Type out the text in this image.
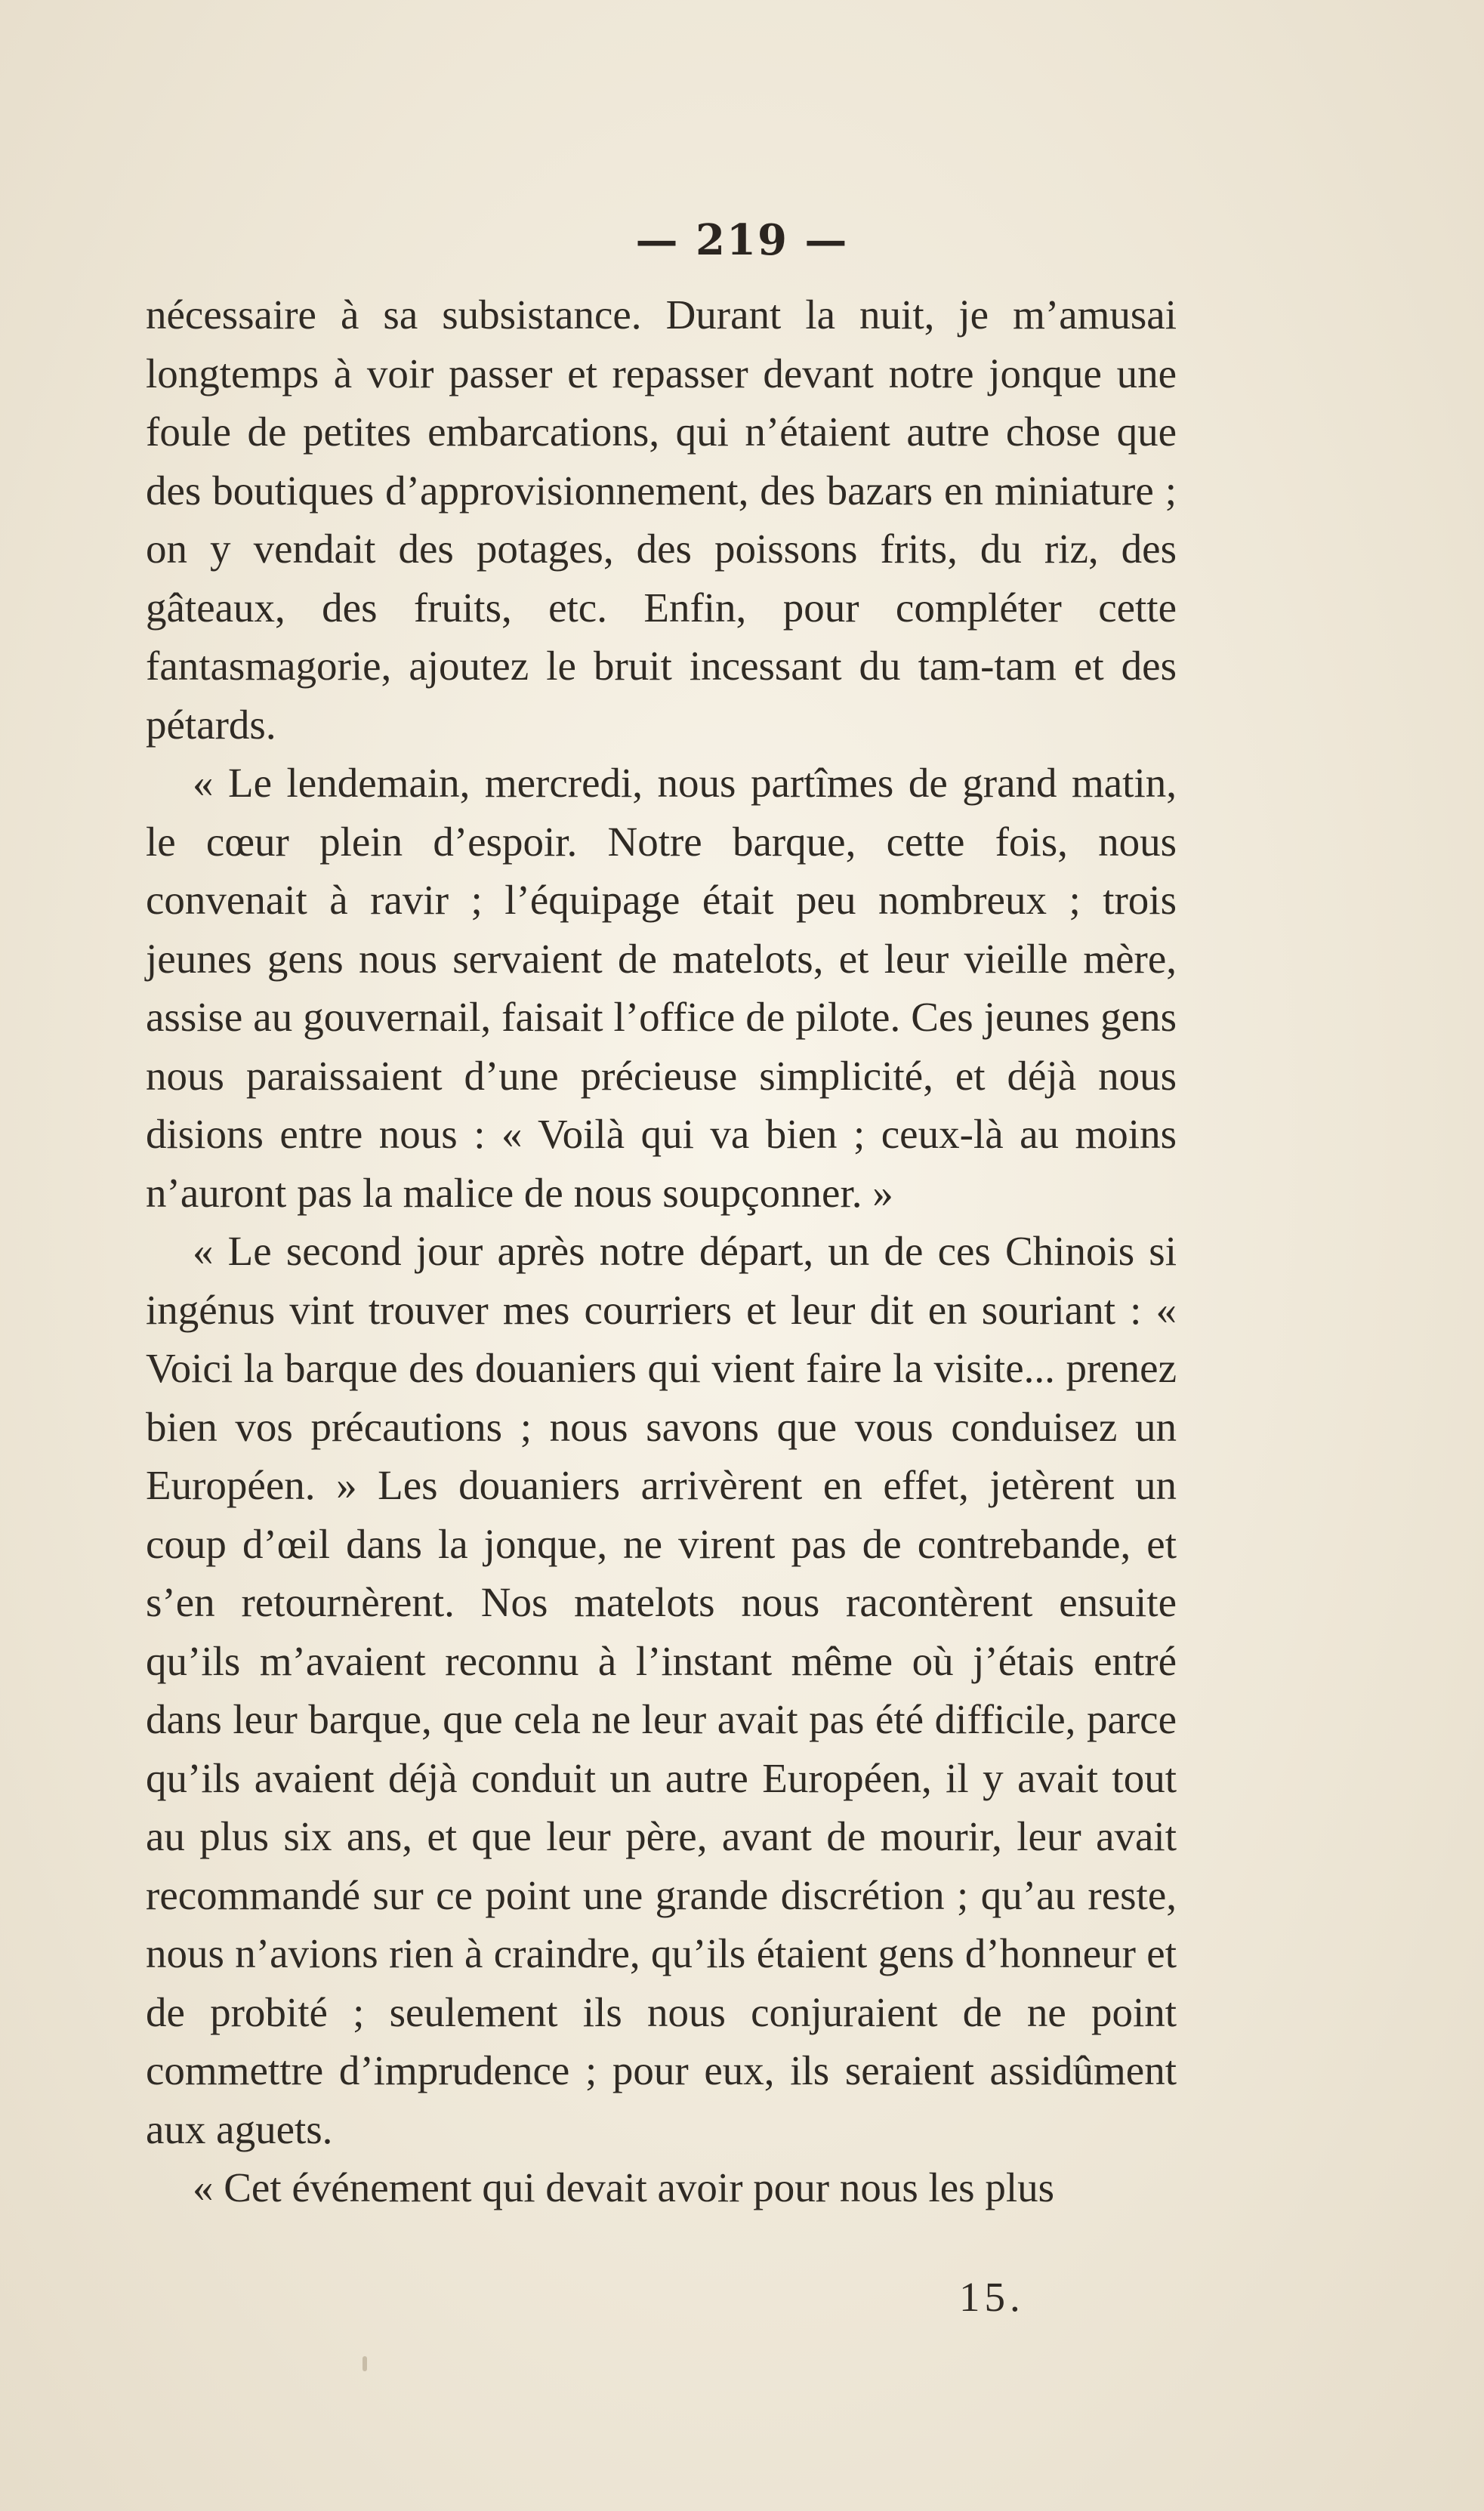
— 219 —

nécessaire à sa subsistance. Durant la nuit, je m’amusai longtemps à voir passer et repasser devant notre jonque une foule de petites embarcations, qui n’étaient autre chose que des boutiques d’approvisionnement, des bazars en miniature ; on y vendait des potages, des poissons frits, du riz, des gâteaux, des fruits, etc. Enfin, pour compléter cette fantasmagorie, ajoutez le bruit incessant du tam-tam et des pétards.

« Le lendemain, mercredi, nous partîmes de grand matin, le cœur plein d’espoir. Notre barque, cette fois, nous convenait à ravir ; l’équipage était peu nombreux ; trois jeunes gens nous servaient de matelots, et leur vieille mère, assise au gouvernail, faisait l’office de pilote. Ces jeunes gens nous paraissaient d’une précieuse simplicité, et déjà nous disions entre nous : « Voilà qui va bien ; ceux-là au moins n’auront pas la malice de nous soupçonner. »

« Le second jour après notre départ, un de ces Chinois si ingénus vint trouver mes courriers et leur dit en souriant : « Voici la barque des douaniers qui vient faire la visite... prenez bien vos précautions ; nous savons que vous conduisez un Européen. » Les douaniers arrivèrent en effet, jetèrent un coup d’œil dans la jonque, ne virent pas de contrebande, et s’en retournèrent. Nos matelots nous racontèrent ensuite qu’ils m’avaient reconnu à l’instant même où j’étais entré dans leur barque, que cela ne leur avait pas été difficile, parce qu’ils avaient déjà conduit un autre Européen, il y avait tout au plus six ans, et que leur père, avant de mourir, leur avait recommandé sur ce point une grande discrétion ; qu’au reste, nous n’avions rien à craindre, qu’ils étaient gens d’honneur et de probité ; seulement ils nous conjuraient de ne point commettre d’imprudence ; pour eux, ils seraient assidûment aux aguets.

« Cet événement qui devait avoir pour nous les plus

15.
